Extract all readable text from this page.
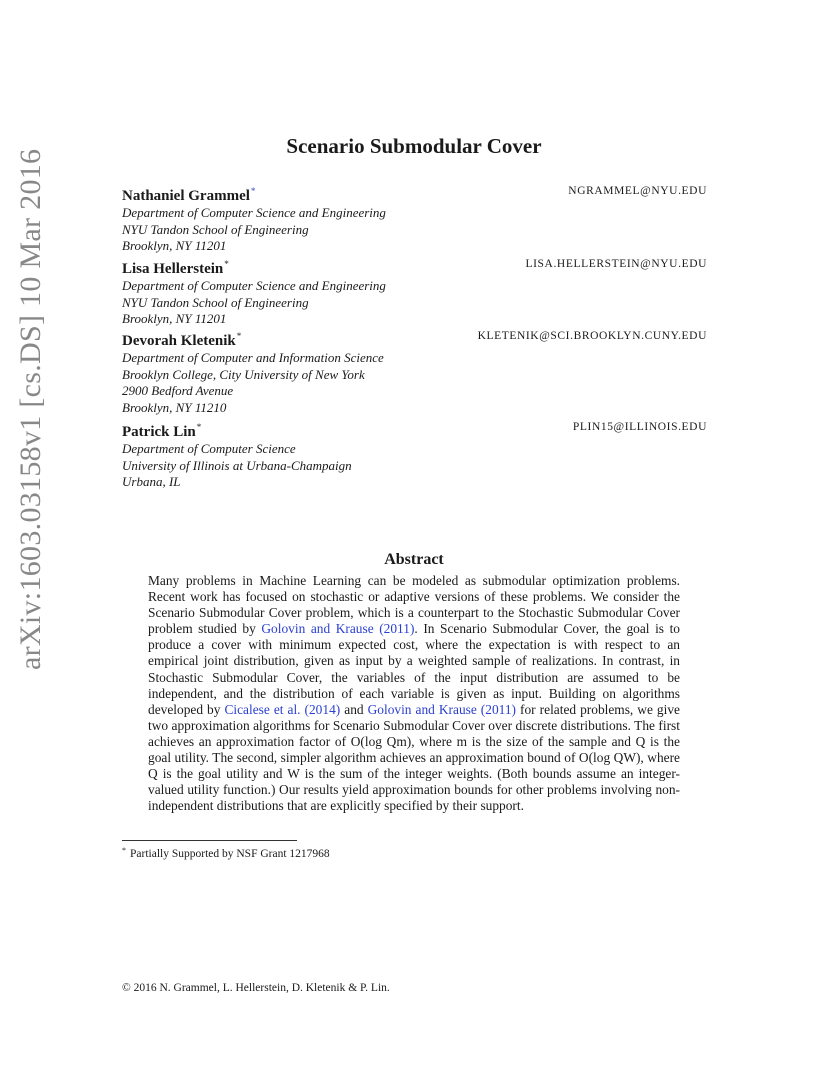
arXiv:1603.03158v1 [cs.DS] 10 Mar 2016
Scenario Submodular Cover
Nathaniel Grammel*	NGRAMMEL@NYU.EDU
Department of Computer Science and Engineering
NYU Tandon School of Engineering
Brooklyn, NY 11201
Lisa Hellerstein*	LISA.HELLERSTEIN@NYU.EDU
Department of Computer Science and Engineering
NYU Tandon School of Engineering
Brooklyn, NY 11201
Devorah Kletenik*	KLETENIK@SCI.BROOKLYN.CUNY.EDU
Department of Computer and Information Science
Brooklyn College, City University of New York
2900 Bedford Avenue
Brooklyn, NY 11210
Patrick Lin*	PLIN15@ILLINOIS.EDU
Department of Computer Science
University of Illinois at Urbana-Champaign
Urbana, IL
Abstract
Many problems in Machine Learning can be modeled as submodular optimization problems. Recent work has focused on stochastic or adaptive versions of these problems. We consider the Scenario Submodular Cover problem, which is a counterpart to the Stochastic Submodular Cover problem studied by Golovin and Krause (2011). In Scenario Submodular Cover, the goal is to produce a cover with minimum expected cost, where the expectation is with respect to an empirical joint distribution, given as input by a weighted sample of realizations. In contrast, in Stochastic Submodular Cover, the variables of the input distribution are assumed to be independent, and the distribution of each variable is given as input. Building on algorithms developed by Cicalese et al. (2014) and Golovin and Krause (2011) for related problems, we give two approximation algorithms for Scenario Submodular Cover over discrete distributions. The first achieves an approximation factor of O(log Qm), where m is the size of the sample and Q is the goal utility. The second, simpler algorithm achieves an approximation bound of O(log QW), where Q is the goal utility and W is the sum of the integer weights. (Both bounds assume an integer-valued utility function.) Our results yield approximation bounds for other problems involving non-independent distributions that are explicitly specified by their support.
* Partially Supported by NSF Grant 1217968
© 2016 N. Grammel, L. Hellerstein, D. Kletenik & P. Lin.
